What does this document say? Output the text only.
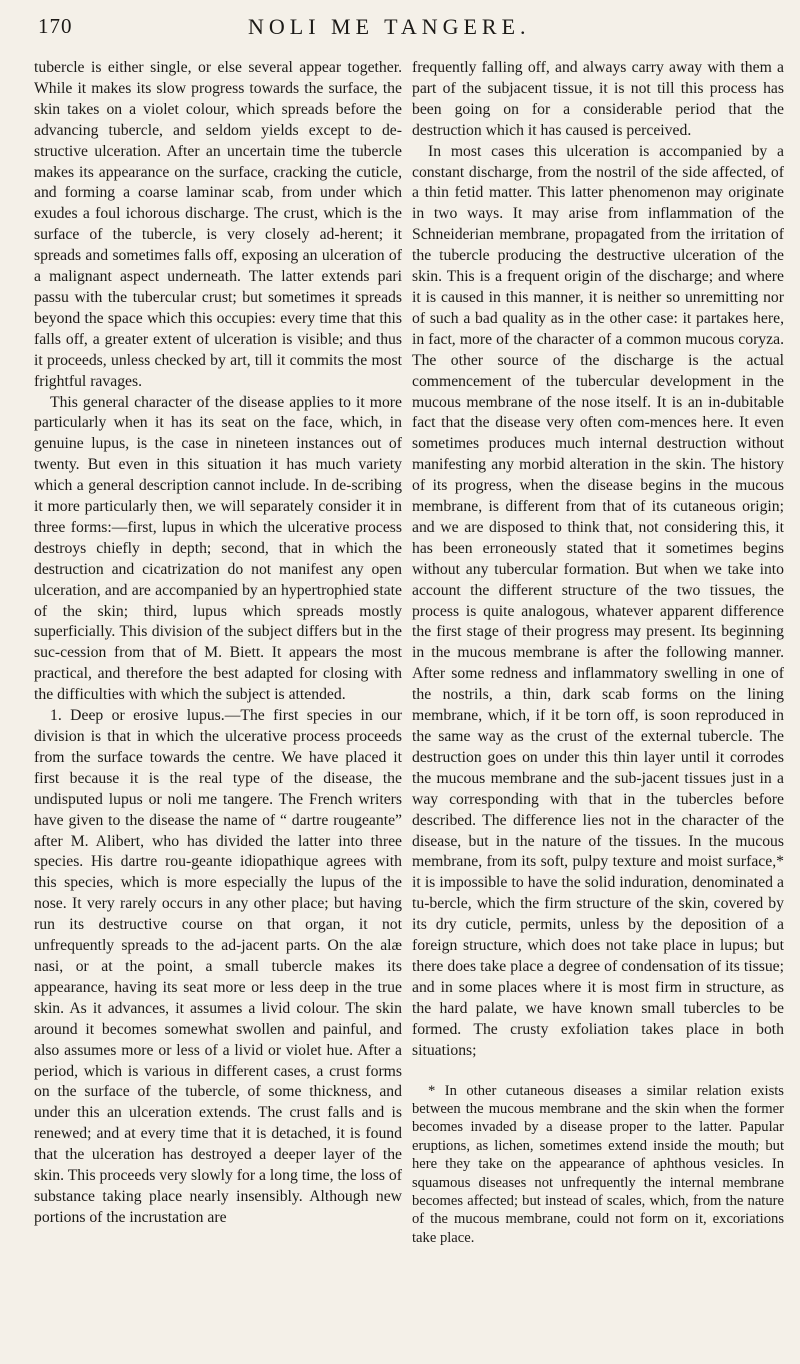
170	NOLI ME TANGERE.

tubercle is either single, or else several appear together. While it makes its slow progress towards the surface, the skin takes on a violet colour, which spreads before the advancing tubercle, and seldom yields except to de-structive ulceration. After an uncertain time the tubercle makes its appearance on the surface, cracking the cuticle, and forming a coarse laminar scab, from under which exudes a foul ichorous discharge. The crust, which is the surface of the tubercle, is very closely ad-herent; it spreads and sometimes falls off, exposing an ulceration of a malignant aspect underneath. The latter extends pari passu with the tubercular crust; but sometimes it spreads beyond the space which this occupies: every time that this falls off, a greater extent of ulceration is visible; and thus it proceeds, unless checked by art, till it commits the most frightful ravages.

This general character of the disease applies to it more particularly when it has its seat on the face, which, in genuine lupus, is the case in nineteen instances out of twenty. But even in this situation it has much variety which a general description cannot include. In de-scribing it more particularly then, we will separately consider it in three forms:—first, lupus in which the ulcerative process destroys chiefly in depth; second, that in which the destruction and cicatrization do not manifest any open ulceration, and are accompanied by an hypertrophied state of the skin; third, lupus which spreads mostly superficially. This division of the subject differs but in the suc-cession from that of M. Biett. It appears the most practical, and therefore the best adapted for closing with the difficulties with which the subject is attended.

1. Deep or erosive lupus.—The first species in our division is that in which the ulcerative process proceeds from the surface towards the centre. We have placed it first because it is the real type of the disease, the undisputed lupus or noli me tangere. The French writers have given to the disease the name of “ dartre rougeante” after M. Alibert, who has divided the latter into three species. His dartre rou-geante idiopathique agrees with this species, which is more especially the lupus of the nose. It very rarely occurs in any other place; but having run its destructive course on that organ, it not unfrequently spreads to the ad-jacent parts. On the alæ nasi, or at the point, a small tubercle makes its appearance, having its seat more or less deep in the true skin. As it advances, it assumes a livid colour. The skin around it becomes somewhat swollen and painful, and also assumes more or less of a livid or violet hue. After a period, which is various in different cases, a crust forms on the surface of the tubercle, of some thickness, and under this an ulceration extends. The crust falls and is renewed; and at every time that it is detached, it is found that the ulceration has destroyed a deeper layer of the skin. This proceeds very slowly for a long time, the loss of substance taking place nearly insensibly. Although new portions of the incrustation are

frequently falling off, and always carry away with them a part of the subjacent tissue, it is not till this process has been going on for a considerable period that the destruction which it has caused is perceived.

In most cases this ulceration is accompanied by a constant discharge, from the nostril of the side affected, of a thin fetid matter. This latter phenomenon may originate in two ways. It may arise from inflammation of the Schneiderian membrane, propagated from the irritation of the tubercle producing the destructive ulceration of the skin. This is a frequent origin of the discharge; and where it is caused in this manner, it is neither so unremitting nor of such a bad quality as in the other case: it partakes here, in fact, more of the character of a common mucous coryza. The other source of the discharge is the actual commencement of the tubercular development in the mucous membrane of the nose itself. It is an in-dubitable fact that the disease very often com-mences here. It even sometimes produces much internal destruction without manifesting any morbid alteration in the skin. The history of its progress, when the disease begins in the mucous membrane, is different from that of its cutaneous origin; and we are disposed to think that, not considering this, it has been erroneously stated that it sometimes begins without any tubercular formation. But when we take into account the different structure of the two tissues, the process is quite analogous, whatever apparent difference the first stage of their progress may present. Its beginning in the mucous membrane is after the following manner. After some redness and inflammatory swelling in one of the nostrils, a thin, dark scab forms on the lining membrane, which, if it be torn off, is soon reproduced in the same way as the crust of the external tubercle. The destruction goes on under this thin layer until it corrodes the mucous membrane and the sub-jacent tissues just in a way corresponding with that in the tubercles before described. The difference lies not in the character of the disease, but in the nature of the tissues. In the mucous membrane, from its soft, pulpy texture and moist surface,* it is impossible to have the solid induration, denominated a tu-bercle, which the firm structure of the skin, covered by its dry cuticle, permits, unless by the deposition of a foreign structure, which does not take place in lupus; but there does take place a degree of condensation of its tissue; and in some places where it is most firm in structure, as the hard palate, we have known small tubercles to be formed. The crusty exfoliation takes place in both situations;

* In other cutaneous diseases a similar relation exists between the mucous membrane and the skin when the former becomes invaded by a disease proper to the latter. Papular eruptions, as lichen, sometimes extend inside the mouth; but here they take on the appearance of aphthous vesicles. In squamous diseases not unfrequently the internal membrane becomes affected; but instead of scales, which, from the nature of the mucous membrane, could not form on it, excoriations take place.
